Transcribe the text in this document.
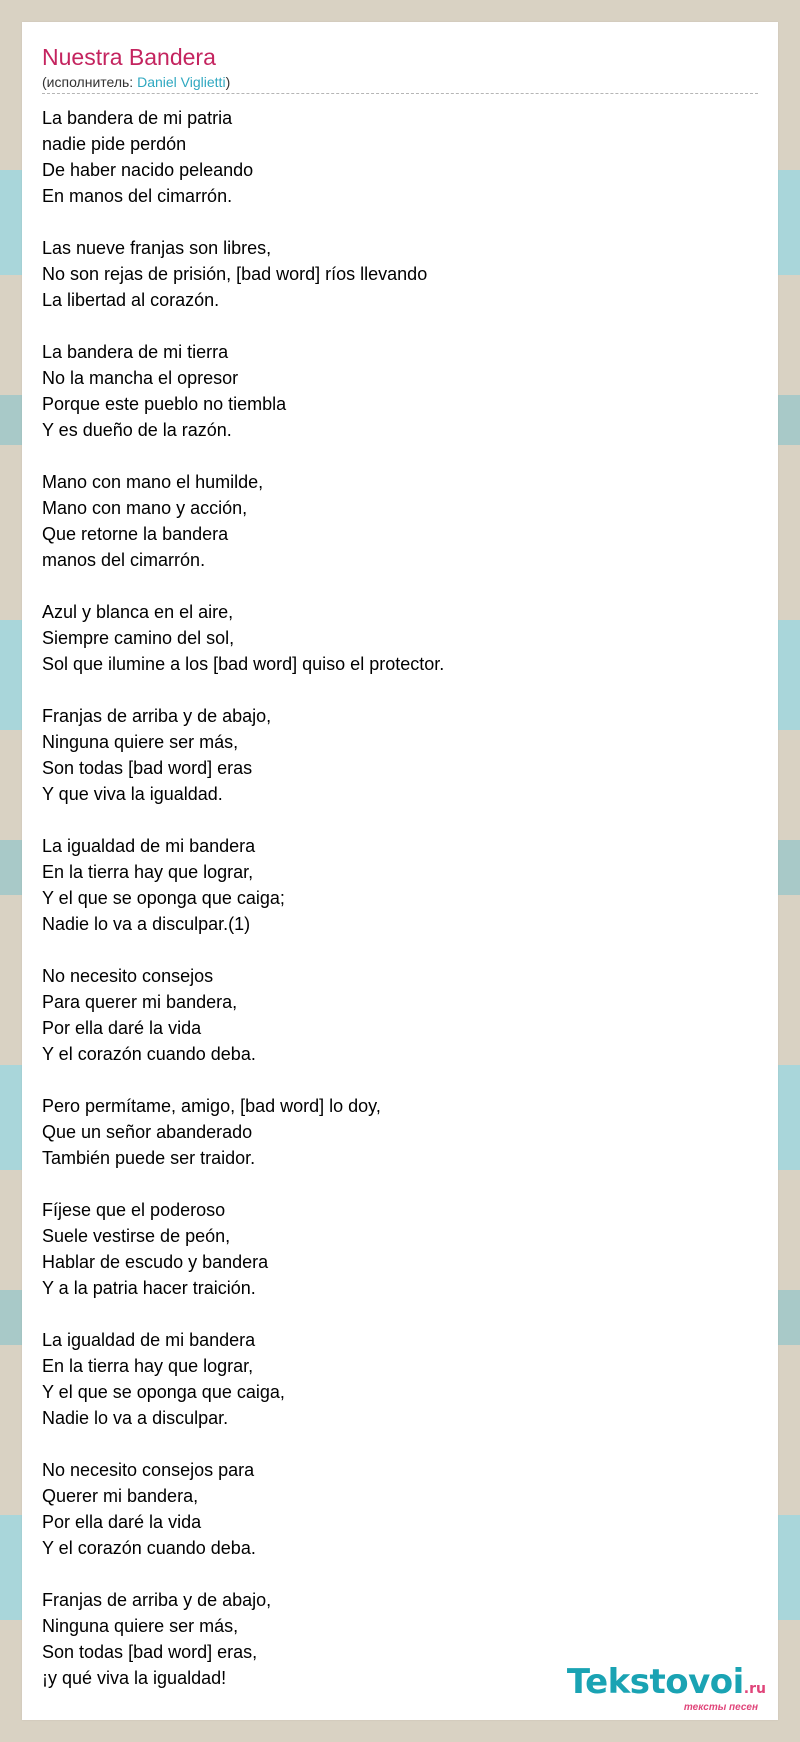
Nuestra Bandera
(исполнитель: Daniel Viglietti)
La bandera de mi patria
nadie pide perdón
De haber nacido peleando
En manos del cimarrón.
Las nueve franjas son libres,
No son rejas de prisión, [bad word] ríos llevando
La libertad al corazón.
La bandera de mi tierra
No la mancha el opresor
Porque este pueblo no tiembla
Y es dueño de la razón.
Mano con mano el humilde,
Mano con mano y acción,
Que retorne la bandera
manos del cimarrón.
Azul y blanca en el aire,
Siempre camino del sol,
Sol que ilumine a los [bad word] quiso el protector.
Franjas de arriba y de abajo,
Ninguna quiere ser más,
Son todas [bad word] eras
Y que viva la igualdad.
La igualdad de mi bandera
En la tierra hay que lograr,
Y el que se oponga que caiga;
Nadie lo va a disculpar.(1)
No necesito consejos
Para querer mi bandera,
Por ella daré la vida
Y el corazón cuando deba.
Pero permítame, amigo, [bad word] lo doy,
Que un señor abanderado
También puede ser traidor.
Fíjese que el poderoso
Suele vestirse de peón,
Hablar de escudo y bandera
Y a la patria hacer traición.
La igualdad de mi bandera
En la tierra hay que lograr,
Y el que se oponga que caiga,
Nadie lo va a disculpar.
No necesito consejos para
Querer mi bandera,
Por ella daré la vida
Y el corazón cuando deba.
Franjas de arriba y de abajo,
Ninguna quiere ser más,
Son todas [bad word] eras,
¡y qué viva la igualdad!	Tekstovoi.ru
тексты песен
